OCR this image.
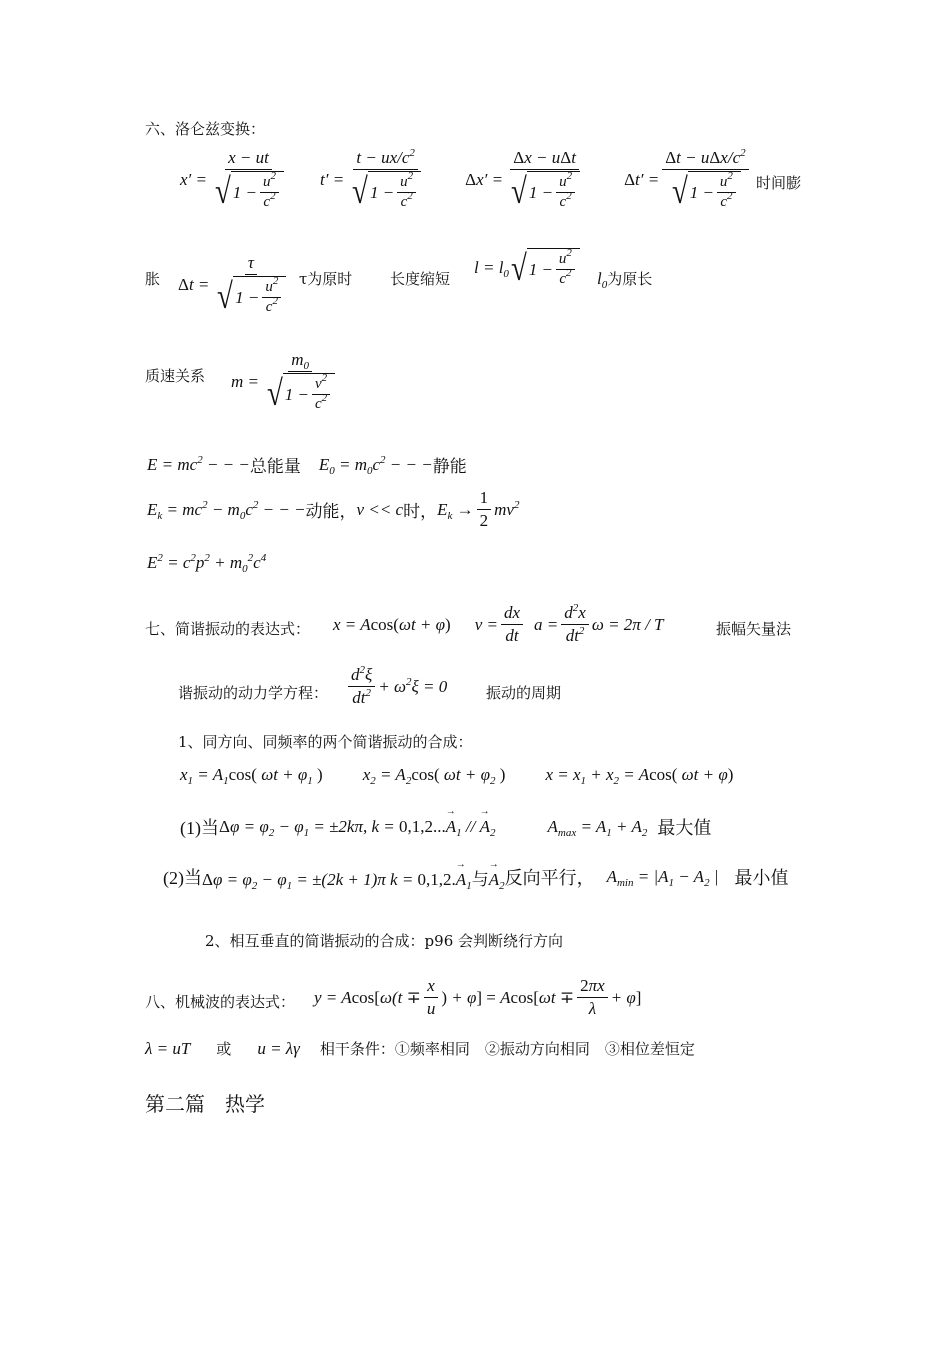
六、洛仑兹变换：
$x' = \frac{x - ut}{√ 1 - \frac{u^2}{c^2}} t' = \frac{t - ux/c^2}{√ 1 - \frac{u^2}{c^2}} \Delta x' = \frac{\text{Δx − uΔt}}{√ 1 - \frac{u^2}{c^2}} \Delta t' = \frac{\Delta t - u\Delta x/c^2}{√ 1 - \frac{u^2}{c^2}}$ 时间膨
胀 $\Delta t = \frac{\tau}{√ 1 - \frac{u^2}{c^2}}$ τ为原时	长度缩短
$l = l_0$ √ $1 - \frac{u^2}{c^2} l_0$ 为原长
质速关系 $m = \frac{m_0}{√ 1 - \frac{v^2}{c^2}}$
$E = mc^2$ − − − 总能量 $E_0 = m_0c^2$ − − − 静能
$E_k = mc^2 - m_0c^2$ − − − 动能， v << c 时， $E_k \to \frac{1}{2} mv^2$
$E^2 = c^2p^2 + m_0^2c^4$
七、简谐振动的表达式： x = Acos(ωt + φ) $v = \frac{dx}{dt}$ $a = \frac{d^2x}{dt^2}$ ω = 2π / T	振幅矢量法
谐振动的动力学方程： $\frac{d^2\xi}{dt^2} + \omega^2\xi = 0$	振动的周期
1、同方向、同频率的两个简谐振动的合成：
$x_1 = A_1\cos$( $\omega t + \varphi_1$ ) $x_2 = A_2\cos$( $\omega t + \varphi_2$ ) $x = x_1 + x_2 = Acos$( ωt + φ)
(1)当 $\Delta\varphi = \varphi_2 - \varphi_1 = \pm 2k\pi$, $k = 0,1,2...\to A_1$ // → $A_2$	$A_{max} = A_1 + A_2$ 最大值
(2)当 $\Delta\varphi = \varphi_2 - \varphi_1 = \pm(2k + 1)\pi$ $k = 0,1,2.\to A_1$与→ $A_2$ 反向平行， $A_{min} = |A_1 - A_2$ | 最小值
2、相互垂直的简谐振动的合成：p96 会判断绕行方向
八、机械波的表达式： $y = Acos[\omega(t \mp \frac{x}{u}$ ) + $\varphi] = Acos[\omega t \mp \frac{2\pi x}{\lambda} + \varphi]$
λ = uT 或 u = λγ 相干条件：①频率相同　②振动方向相同　③相位差恒定
第二篇　热学
